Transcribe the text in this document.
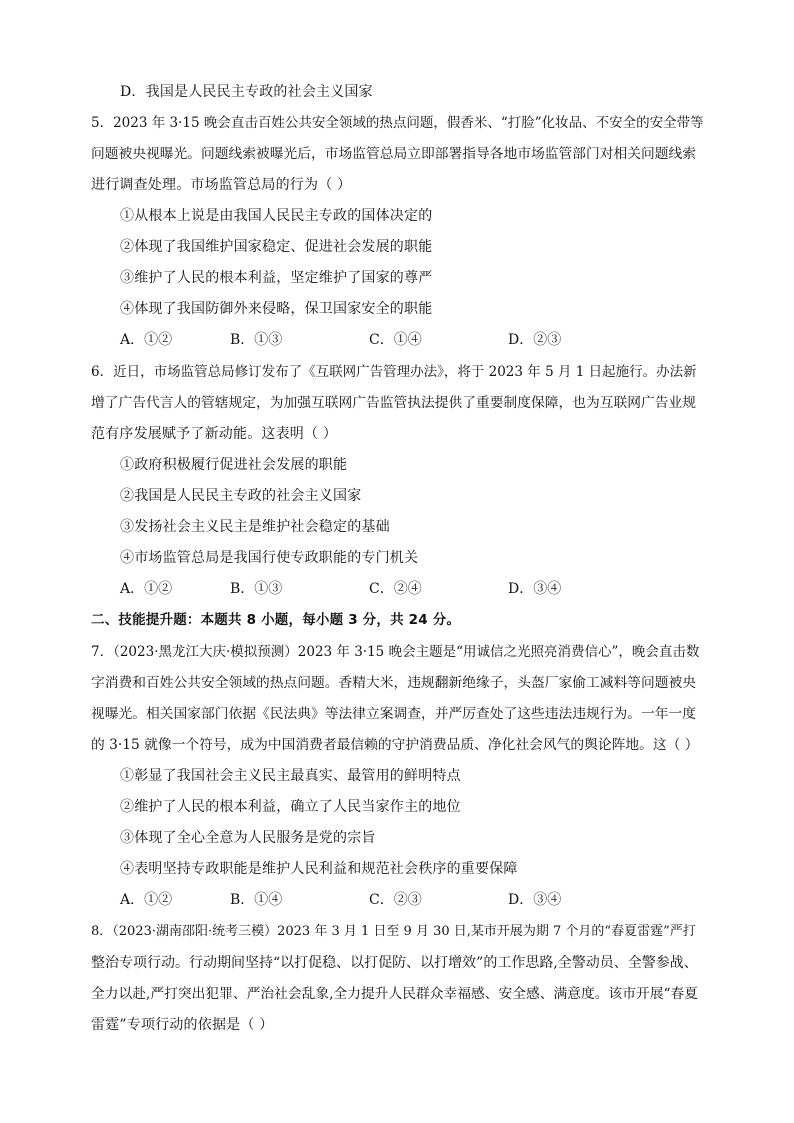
D．我国是人民民主专政的社会主义国家
5．2023 年 3·15 晚会直击百姓公共安全领域的热点问题，假香米、“打脸”化妆品、不安全的安全带等
问题被央视曝光。问题线索被曝光后，市场监管总局立即部署指导各地市场监管部门对相关问题线索
进行调查处理。市场监管总局的行为（ ）
①从根本上说是由我国人民民主专政的国体决定的
②体现了我国维护国家稳定、促进社会发展的职能
③维护了人民的根本利益，坚定维护了国家的尊严
④体现了我国防御外来侵略，保卫国家安全的职能
A．①②	B．①③	C．①④	D．②③
6．近日，市场监管总局修订发布了《互联网广告管理办法》，将于 2023 年 5 月 1 日起施行。办法新
增了广告代言人的管辖规定，为加强互联网广告监管执法提供了重要制度保障，也为互联网广告业规
范有序发展赋予了新动能。这表明（ ）
①政府积极履行促进社会发展的职能
②我国是人民民主专政的社会主义国家
③发扬社会主义民主是维护社会稳定的基础
④市场监管总局是我国行使专政职能的专门机关
A．①②	B．①③	C．②④	D．③④
二、技能提升题：本题共 8 小题，每小题 3 分，共 24 分。
7．（2023·黑龙江大庆·模拟预测）2023 年 3·15 晚会主题是“用诚信之光照亮消费信心”，晚会直击数
字消费和百姓公共安全领域的热点问题。香精大米，违规翻新绝缘子，头盔厂家偷工减料等问题被央
视曝光。相关国家部门依据《民法典》等法律立案调查，并严厉查处了这些违法违规行为。一年一度
的 3·15 就像一个符号，成为中国消费者最信赖的守护消费品质、净化社会风气的舆论阵地。这（ ）
①彰显了我国社会主义民主最真实、最管用的鲜明特点
②维护了人民的根本利益，确立了人民当家作主的地位
③体现了全心全意为人民服务是党的宗旨
④表明坚持专政职能是维护人民利益和规范社会秩序的重要保障
A．①②	B．①④	C．②③	D．③④
8．（2023·湖南邵阳·统考三模）2023 年 3 月 1 日至 9 月 30 日,某市开展为期 7 个月的“春夏雷霆”严打
整治专项行动。行动期间坚持“以打促稳、以打促防、以打增效”的工作思路,全警动员、全警参战、
全力以赴,严打突出犯罪、严治社会乱象,全力提升人民群众幸福感、安全感、满意度。该市开展“春夏
雷霆”专项行动的依据是（ ）
